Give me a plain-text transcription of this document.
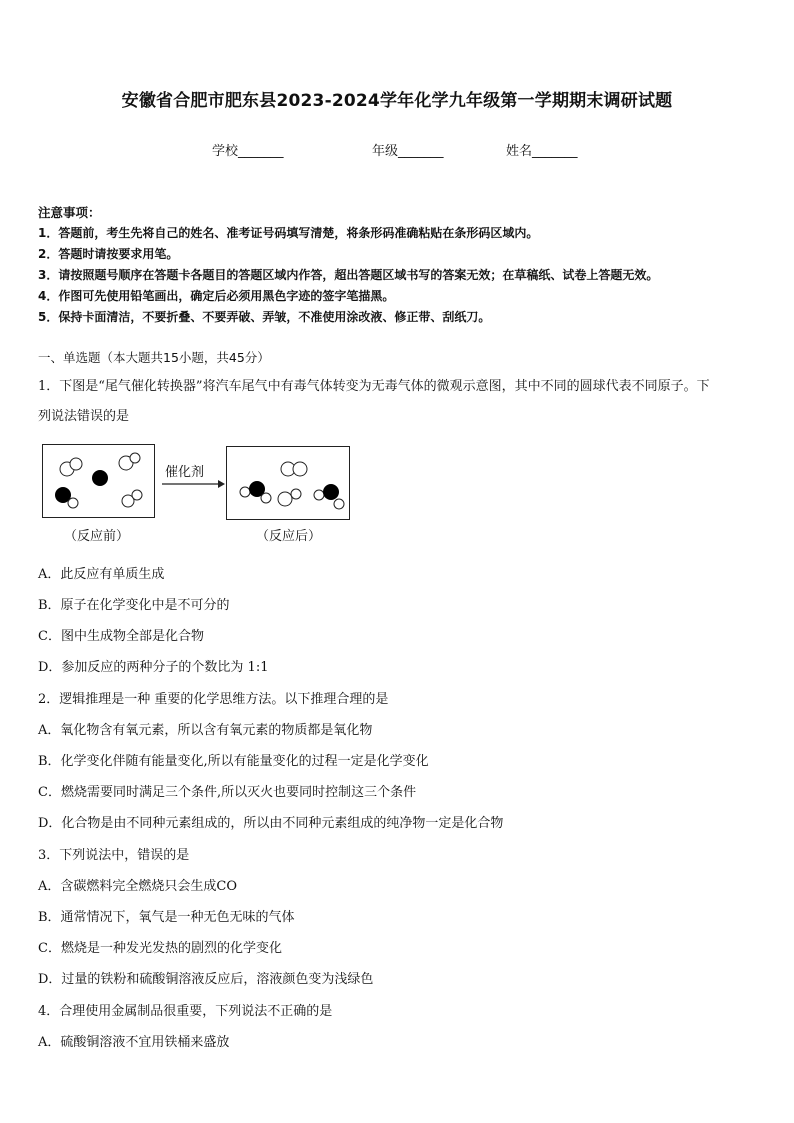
安徽省合肥市肥东县2023-2024学年化学九年级第一学期期末调研试题
学校_______	年级_______	姓名_______
注意事项：
1．答题前，考生先将自己的姓名、准考证号码填写清楚，将条形码准确粘贴在条形码区域内。
2．答题时请按要求用笔。
3．请按照题号顺序在答题卡各题目的答题区域内作答，超出答题区域书写的答案无效；在草稿纸、试卷上答题无效。
4．作图可先使用铅笔画出，确定后必须用黑色字迹的签字笔描黑。
5．保持卡面清洁，不要折叠、不要弄破、弄皱，不准使用涂改液、修正带、刮纸刀。
一、单选题（本大题共15小题，共45分）
1．下图是“尾气催化转换器”将汽车尾气中有毒气体转变为无毒气体的微观示意图，其中不同的圆球代表不同原子。下
列说法错误的是
催化剂
（反应前）	（反应后）
A．此反应有单质生成
B．原子在化学变化中是不可分的
C．图中生成物全部是化合物
D．参加反应的两种分子的个数比为 1:1
2．逻辑推理是一种 重要的化学思维方法。以下推理合理的是
A．氧化物含有氧元素，所以含有氧元素的物质都是氧化物
B．化学变化伴随有能量变化,所以有能量变化的过程一定是化学变化
C．燃烧需要同时满足三个条件,所以灭火也要同时控制这三个条件
D．化合物是由不同种元素组成的，所以由不同种元素组成的纯净物一定是化合物
3．下列说法中，错误的是
A．含碳燃料完全燃烧只会生成CO
B．通常情况下，氧气是一种无色无味的气体
C．燃烧是一种发光发热的剧烈的化学变化
D．过量的铁粉和硫酸铜溶液反应后，溶液颜色变为浅绿色
4．合理使用金属制品很重要，下列说法不正确的是
A．硫酸铜溶液不宜用铁桶来盛放
